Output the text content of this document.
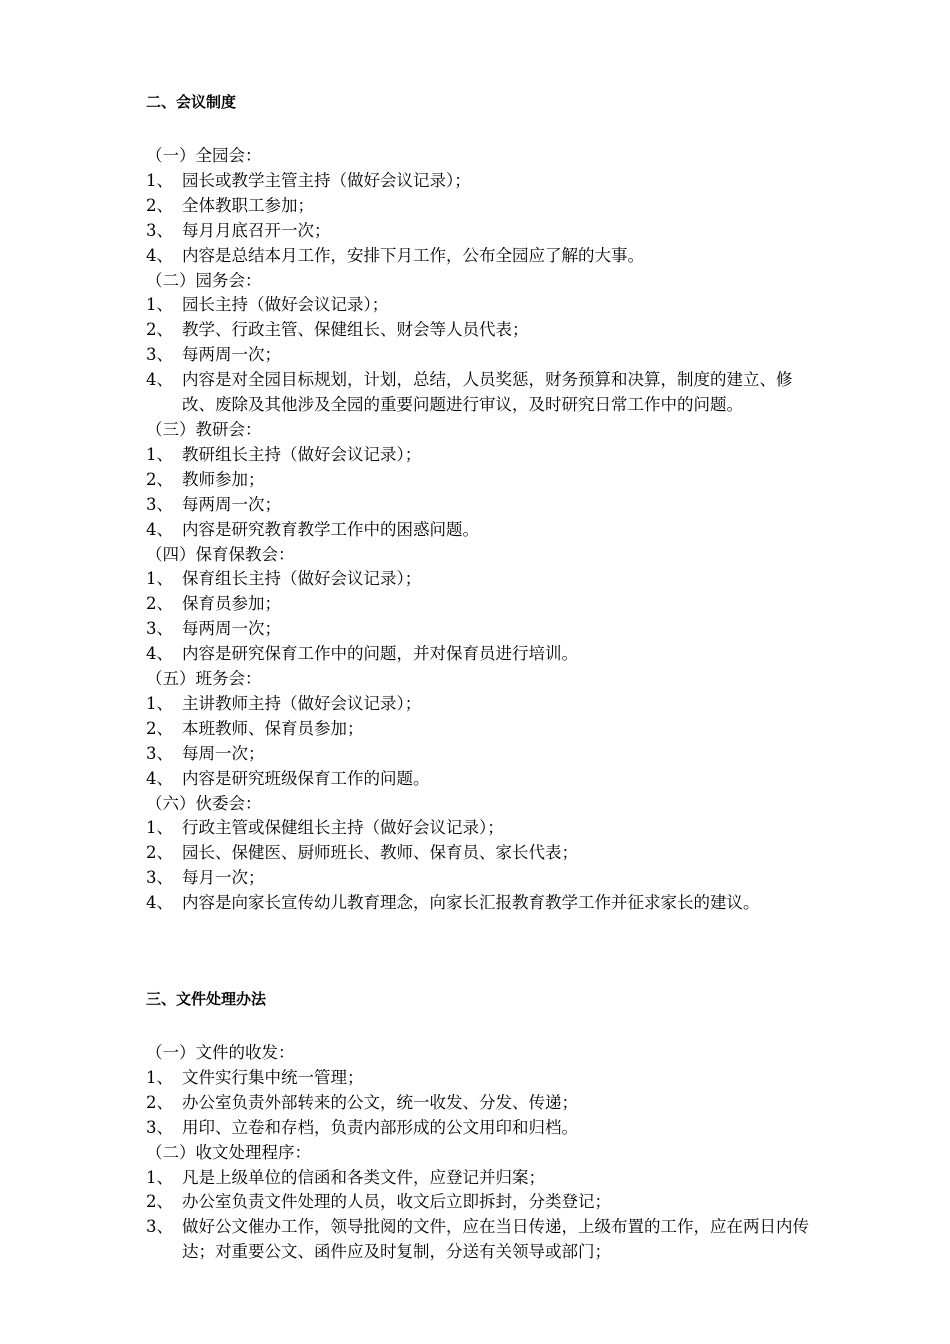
二、会议制度
（一）全园会：
1、 园长或教学主管主持（做好会议记录）；
2、 全体教职工参加；
3、 每月月底召开一次；
4、 内容是总结本月工作，安排下月工作，公布全园应了解的大事。
（二）园务会：
1、 园长主持（做好会议记录）；
2、 教学、行政主管、保健组长、财会等人员代表；
3、 每两周一次；
4、 内容是对全园目标规划，计划，总结，人员奖惩，财务预算和决算，制度的建立、修改、废除及其他涉及全园的重要问题进行审议，及时研究日常工作中的问题。
（三）教研会：
1、 教研组长主持（做好会议记录）；
2、 教师参加；
3、 每两周一次；
4、 内容是研究教育教学工作中的困惑问题。
（四）保育保教会：
1、 保育组长主持（做好会议记录）；
2、 保育员参加；
3、 每两周一次；
4、 内容是研究保育工作中的问题，并对保育员进行培训。
（五）班务会：
1、 主讲教师主持（做好会议记录）；
2、 本班教师、保育员参加；
3、 每周一次；
4、 内容是研究班级保育工作的问题。
（六）伙委会：
1、 行政主管或保健组长主持（做好会议记录）；
2、 园长、保健医、厨师班长、教师、保育员、家长代表；
3、 每月一次；
4、 内容是向家长宣传幼儿教育理念，向家长汇报教育教学工作并征求家长的建议。
三、文件处理办法
（一）文件的收发：
1、 文件实行集中统一管理；
2、 办公室负责外部转来的公文，统一收发、分发、传递；
3、 用印、立卷和存档，负责内部形成的公文用印和归档。
（二）收文处理程序：
1、 凡是上级单位的信函和各类文件，应登记并归案；
2、 办公室负责文件处理的人员，收文后立即拆封，分类登记；
3、 做好公文催办工作，领导批阅的文件，应在当日传递，上级布置的工作，应在两日内传达；对重要公文、函件应及时复制，分送有关领导或部门；
